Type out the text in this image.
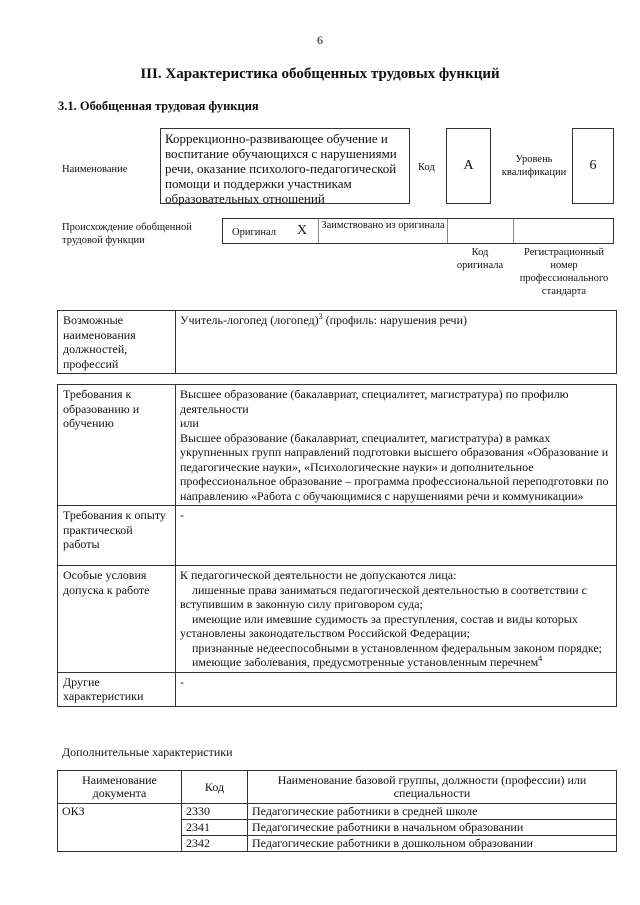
6
III. Характеристика обобщенных трудовых функций
3.1. Обобщенная трудовая функция
Наименование
Коррекционно-развивающее обучение и воспитание обучающихся с нарушениями речи, оказание психолого-педагогической помощи и поддержки участникам образовательных отношений
Код A	Уровень квалификации 6
Происхождение обобщенной трудовой функции
Оригинал X Заимствовано из оригинала
Код оригинала
Регистрационный номер профессионального стандарта
Возможные наименования должностей, профессий	Учитель-логопед (логопед)$^3$ (профиль: нарушения речи)
Требования к образованию и обучению	Высшее образование (бакалавриат, специалитет, магистратура) по профилю деятельности
или
Высшее образование (бакалавриат, специалитет, магистратура) в рамках укрупненных групп направлений подготовки высшего образования «Образование и педагогические науки», «Психологические науки» и дополнительное профессиональное образование – программа профессиональной переподготовки по направлению «Работа с обучающимися с нарушениями речи и коммуникации»

Требования к опыту практической работы	-
Особые условия допуска к работе	К педагогической деятельности не допускаются лица:
лишенные права заниматься педагогической деятельностью в соответствии с вступившим в законную силу приговором суда;
имеющие или имевшие судимость за преступления, состав и виды которых установлены законодательством Российской Федерации;
признанные недееспособными в установленном федеральным законом порядке;
имеющие заболевания, предусмотренные установленным перечнем$^4$

Другие характеристики	-
Дополнительные характеристики
Наименование документа	Код	Наименование базовой группы, должности (профессии) или специальности
ОКЗ	2330	Педагогические работники в средней школе
	2341	Педагогические работники в начальном образовании
	2342	Педагогические работники в дошкольном образовании
